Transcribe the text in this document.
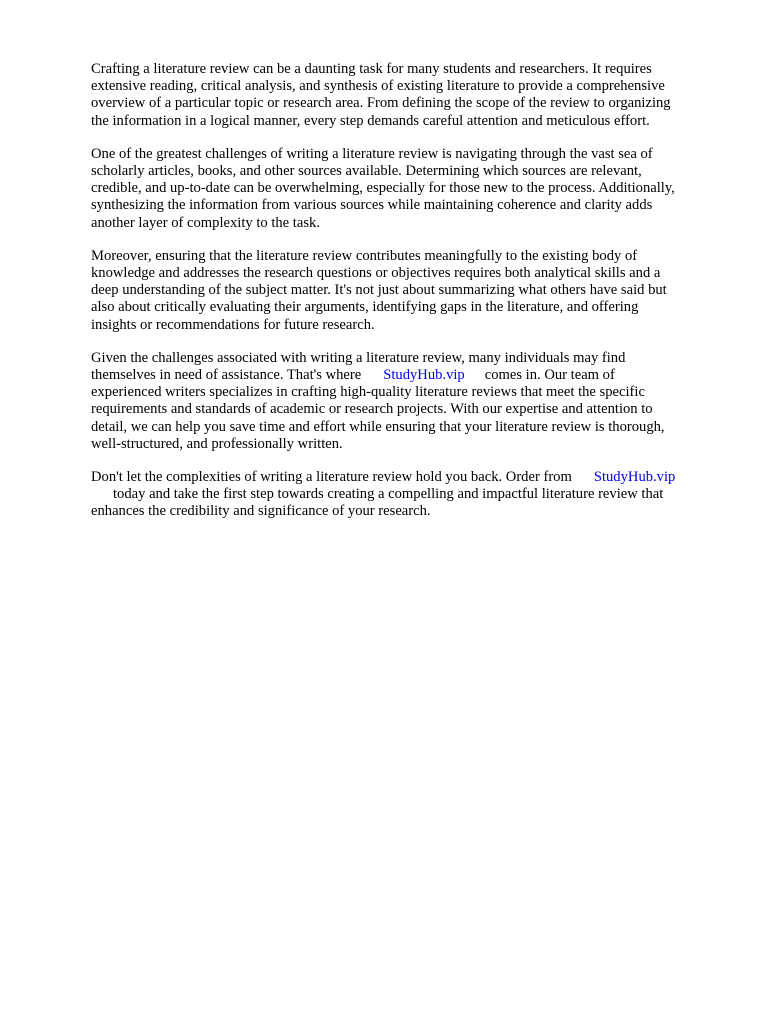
Crafting a literature review can be a daunting task for many students and researchers. It requires
extensive reading, critical analysis, and synthesis of existing literature to provide a comprehensive
overview of a particular topic or research area. From defining the scope of the review to organizing
the information in a logical manner, every step demands careful attention and meticulous effort.

One of the greatest challenges of writing a literature review is navigating through the vast sea of
scholarly articles, books, and other sources available. Determining which sources are relevant,
credible, and up-to-date can be overwhelming, especially for those new to the process. Additionally,
synthesizing the information from various sources while maintaining coherence and clarity adds
another layer of complexity to the task.

Moreover, ensuring that the literature review contributes meaningfully to the existing body of
knowledge and addresses the research questions or objectives requires both analytical skills and a
deep understanding of the subject matter. It's not just about summarizing what others have said but
also about critically evaluating their arguments, identifying gaps in the literature, and offering
insights or recommendations for future research.

Given the challenges associated with writing a literature review, many individuals may find
themselves in need of assistance. That's where StudyHub.vip comes in. Our team of
experienced writers specializes in crafting high-quality literature reviews that meet the specific
requirements and standards of academic or research projects. With our expertise and attention to
detail, we can help you save time and effort while ensuring that your literature review is thorough,
well-structured, and professionally written.

Don't let the complexities of writing a literature review hold you back. Order from StudyHub.vip
today and take the first step towards creating a compelling and impactful literature review that
enhances the credibility and significance of your research.
